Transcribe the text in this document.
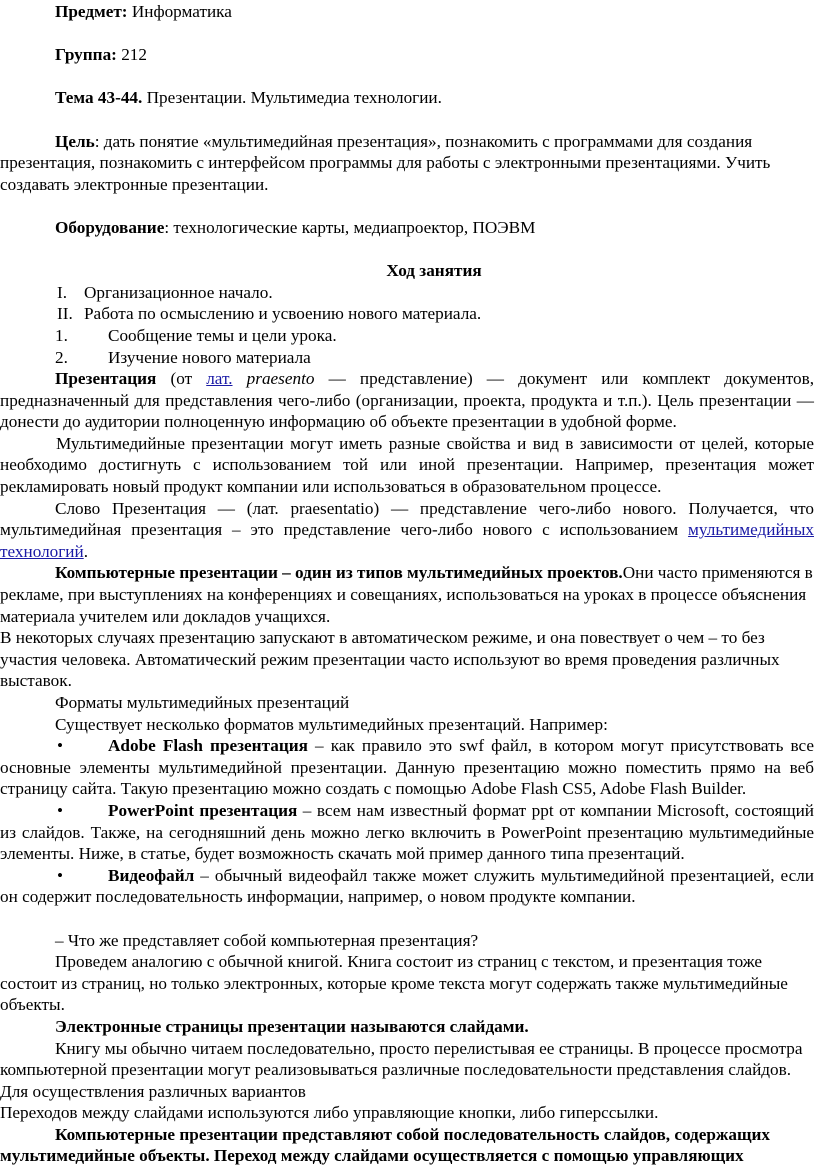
Предмет: Информатика

Группа: 212

Тема 43-44. Презентации. Мультимедиа технологии.

Цель: дать понятие «мультимедийная презентация», познакомить с программами для создания презентация, познакомить с интерфейсом программы для работы с электронными презентациями. Учить создавать электронные презентации.

Оборудование: технологические карты, медиапроектор, ПОЭВМ

Ход занятия

I. Организационное начало.
II. Работа по осмыслению и усвоению нового материала.
1.	Сообщение темы и цели урока.
2.	Изучение нового материала

Презентация (от лат. praesento — представление) — документ или комплект документов, предназначенный для представления чего-либо (организации, проекта, продукта и т.п.). Цель презентации — донести до аудитории полноценную информацию об объекте презентации в удобной форме.

Мультимедийные презентации могут иметь разные свойства и вид в зависимости от целей, которые необходимо достигнуть с использованием той или иной презентации. Например, презентация может рекламировать новый продукт компании или использоваться в образовательном процессе.

Слово Презентация — (лат. praesentatio) — представление чего-либо нового. Получается, что мультимедийная презентация – это представление чего-либо нового с использованием мультимедийных технологий.

Компьютерные презентации – один из типов мультимедийных проектов.Они часто применяются в рекламе, при выступлениях на конференциях и совещаниях, использоваться на уроках в процессе объяснения материала учителем или докладов учащихся.

В некоторых случаях презентацию запускают в автоматическом режиме, и она повествует о чем – то без участия человека. Автоматический режим презентации часто используют во время проведения различных выставок.

Форматы мультимедийных презентаций

Существует несколько форматов мультимедийных презентаций. Например:

•	Adobe Flash презентация – как правило это swf файл, в котором могут присутствовать все основные элементы мультимедийной презентации. Данную презентацию можно поместить прямо на веб страницу сайта. Такую презентацию можно создать с помощью Adobe Flash CS5, Adobe Flash Builder.

•	PowerPoint презентация – всем нам известный формат ppt от компании Microsoft, состоящий из слайдов. Также, на сегодняшний день можно легко включить в PowerPoint презентацию мультимедийные элементы. Ниже, в статье, будет возможность скачать мой пример данного типа презентаций.

•	Видеофайл – обычный видеофайл также может служить мультимедийной презентацией, если он содержит последовательность информации, например, о новом продукте компании.

– Что же представляет собой компьютерная презентация?

Проведем аналогию с обычной книгой. Книга состоит из страниц с текстом, и презентация тоже состоит из страниц, но только электронных, которые кроме текста могут содержать также мультимедийные объекты.

Электронные страницы презентации называются слайдами.

Книгу мы обычно читаем последовательно, просто перелистывая ее страницы. В процессе просмотра компьютерной презентации могут реализовываться различные последовательности представления слайдов. Для осуществления различных вариантов

Переходов между слайдами используются либо управляющие кнопки, либо гиперссылки.

Компьютерные презентации представляют собой последовательность слайдов, содержащих мультимедийные объекты. Переход между слайдами осуществляется с помощью управляющих
